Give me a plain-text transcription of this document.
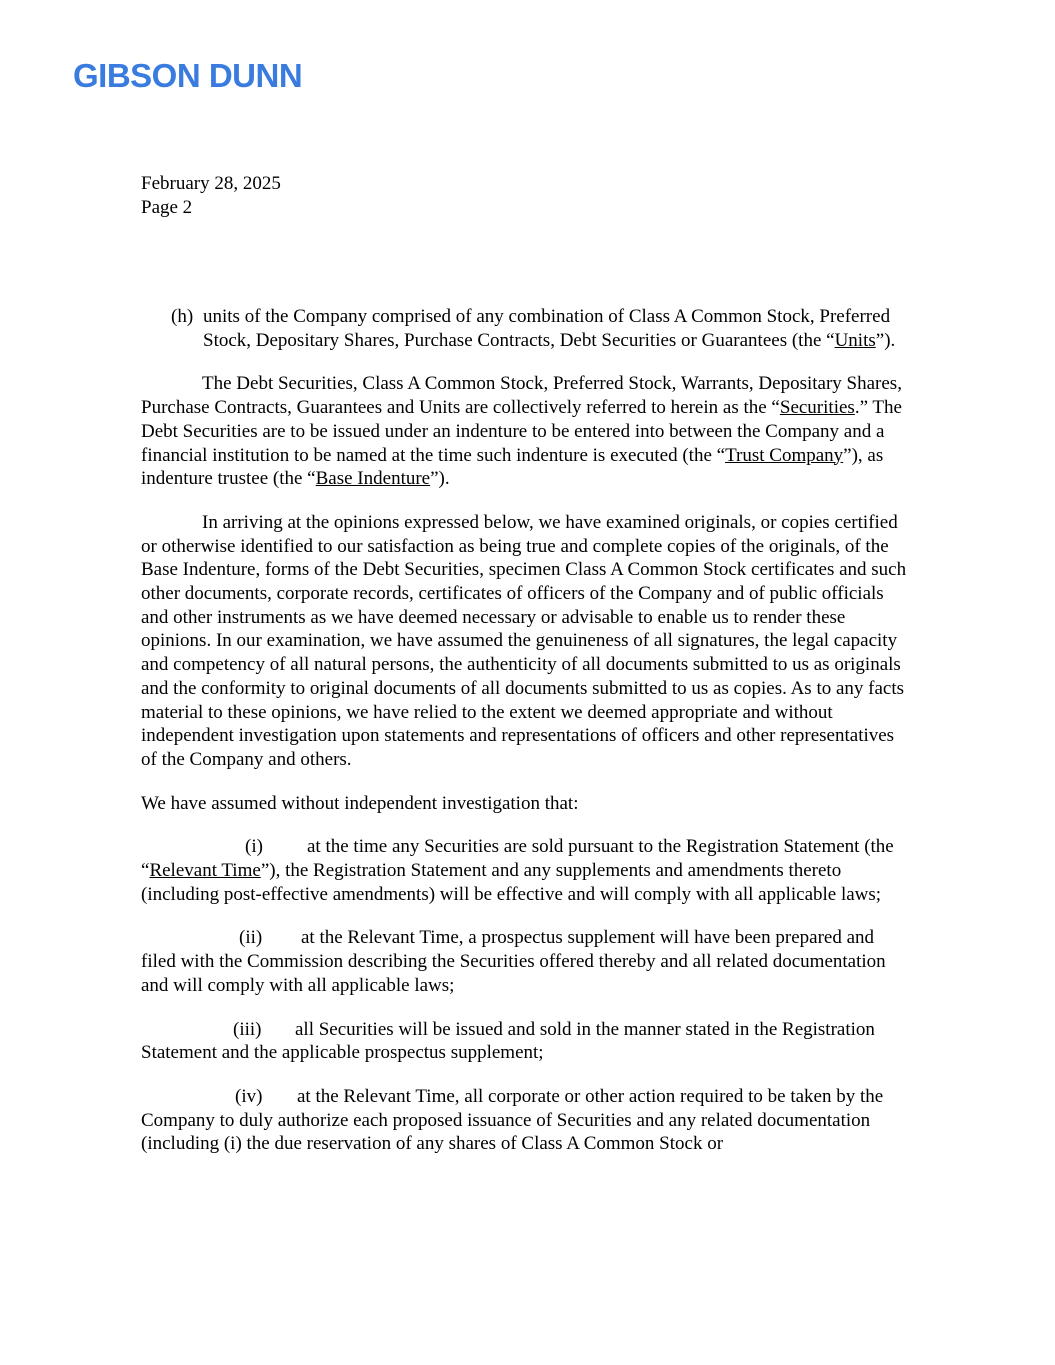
GIBSON DUNN
February 28, 2025
Page 2
(h) units of the Company comprised of any combination of Class A Common Stock, Preferred Stock, Depositary Shares, Purchase Contracts, Debt Securities or Guarantees (the “Units”).

The Debt Securities, Class A Common Stock, Preferred Stock, Warrants, Depositary Shares, Purchase Contracts, Guarantees and Units are collectively referred to herein as the “Securities.” The Debt Securities are to be issued under an indenture to be entered into between the Company and a financial institution to be named at the time such indenture is executed (the “Trust Company”), as indenture trustee (the “Base Indenture”).

In arriving at the opinions expressed below, we have examined originals, or copies certified or otherwise identified to our satisfaction as being true and complete copies of the originals, of the Base Indenture, forms of the Debt Securities, specimen Class A Common Stock certificates and such other documents, corporate records, certificates of officers of the Company and of public officials and other instruments as we have deemed necessary or advisable to enable us to render these opinions. In our examination, we have assumed the genuineness of all signatures, the legal capacity and competency of all natural persons, the authenticity of all documents submitted to us as originals and the conformity to original documents of all documents submitted to us as copies. As to any facts material to these opinions, we have relied to the extent we deemed appropriate and without independent investigation upon statements and representations of officers and other representatives of the Company and others.

We have assumed without independent investigation that:

(i) at the time any Securities are sold pursuant to the Registration Statement (the “Relevant Time”), the Registration Statement and any supplements and amendments thereto (including post-effective amendments) will be effective and will comply with all applicable laws;

(ii) at the Relevant Time, a prospectus supplement will have been prepared and filed with the Commission describing the Securities offered thereby and all related documentation and will comply with all applicable laws;

(iii) all Securities will be issued and sold in the manner stated in the Registration Statement and the applicable prospectus supplement;

(iv) at the Relevant Time, all corporate or other action required to be taken by the Company to duly authorize each proposed issuance of Securities and any related documentation (including (i) the due reservation of any shares of Class A Common Stock or
